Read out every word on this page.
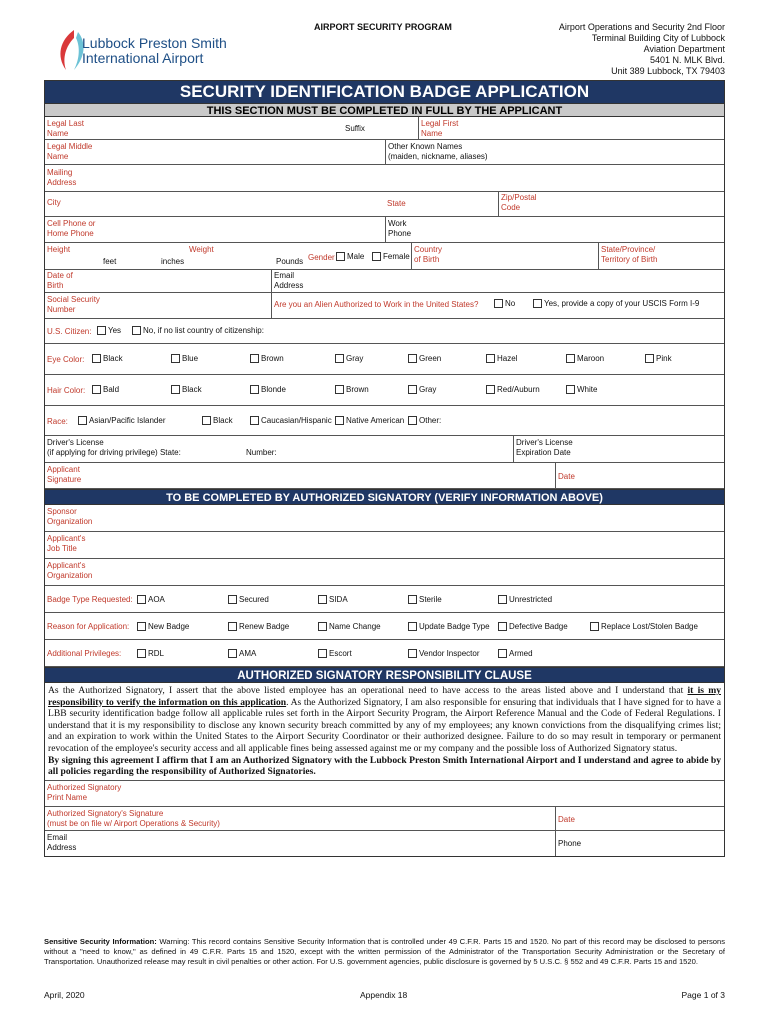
Lubbock Preston Smith
International Airport
AIRPORT SECURITY PROGRAM	Airport Operations and Security 2nd Floor
Terminal Building City of Lubbock
Aviation Department
5401 N. MLK Blvd.
Unit 389 Lubbock, TX 79403
SECURITY IDENTIFICATION BADGE APPLICATION
THIS SECTION MUST BE COMPLETED IN FULL BY THE APPLICANT
Legal Last
Name
Suffix
Legal First
Name
Legal Middle
Name
Other Known Names
(maiden, nickname, aliases)
Mailing
Address
City	State
Zip/Postal
Code
Cell Phone or
Home Phone
Work
Phone
Height
feet	inches
Weight
Pounds Gender Male Female
Country
of Birth
State/Province/
Territory of Birth
Date of
Birth
Email
Address
Social Security
Number
Are you an Alien Authorized to Work in the United States?	No	Yes, provide a copy of your USCIS Form I-9
U.S. Citizen: Yes	No, if no list country of citizenship:
Eye Color: Black	Blue	Brown	Gray	Green	Hazel	Maroon	Pink
Hair Color: Bald	Black	Blonde	Brown	Gray	Red/Auburn	White
Race:	Asian/Pacific Islander	Black	Caucasian/Hispanic Native American Other:
Driver's License
(if applying for driving privilege) State:	Number:
Driver's License
Expiration Date
Applicant
Signature	Date
TO BE COMPLETED BY AUTHORIZED SIGNATORY (VERIFY INFORMATION ABOVE)
Sponsor
Organization
Applicant's
Job Title
Applicant's
Organization
Badge Type Requested: AOA	Secured	SIDA	Sterile	Unrestricted
Reason for Application: New Badge	Renew Badge	Name Change	Update Badge Type Defective Badge	Replace Lost/Stolen Badge
Additional Privileges:	RDL	AMA	Escort	Vendor Inspector	Armed
AUTHORIZED SIGNATORY RESPONSIBILITY CLAUSE
As the Authorized Signatory, I assert that the above listed employee has an operational need to have access to the areas listed above and I understand that it is my responsibility to verify the information on this application. As the Authorized Signatory, I am also responsible for ensuring that individuals that I have signed for to have a LBB security identification badge follow all applicable rules set forth in the Airport Security Program, the Airport Reference Manual and the Code of Federal Regulations. I understand that it is my responsibility to disclose any known security breach committed by any of my employees; any known convictions from the disqualifying crimes list; and an expiration to work within the United States to the Airport Security Coordinator or their authorized designee. Failure to do so may result in temporary or permanent revocation of the employee's security access and all applicable fines being assessed against me or my company and the possible loss of Authorized Signatory status.
By signing this agreement I affirm that I am an Authorized Signatory with the Lubbock Preston Smith International Airport and I understand and agree to abide by all policies regarding the responsibility of Authorized Signatories.
Authorized Signatory
Print Name
Authorized Signatory's Signature
(must be on file w/ Airport Operations & Security)	Date
Email
Address	Phone
Sensitive Security Information: Warning: This record contains Sensitive Security Information that is controlled under 49 C.F.R. Parts 15 and 1520. No part of this record may be disclosed to persons without a "need to know," as defined in 49 C.F.R. Parts 15 and 1520, except with the written permission of the Administrator of the Transportation Security Administration or the Secretary of Transportation. Unauthorized release may result in civil penalties or other action. For U.S. government agencies, public disclosure is governed by 5 U.S.C. § 552 and 49 C.F.R. Parts 15 and 1520.
April, 2020	Appendix 18	Page 1 of 3
